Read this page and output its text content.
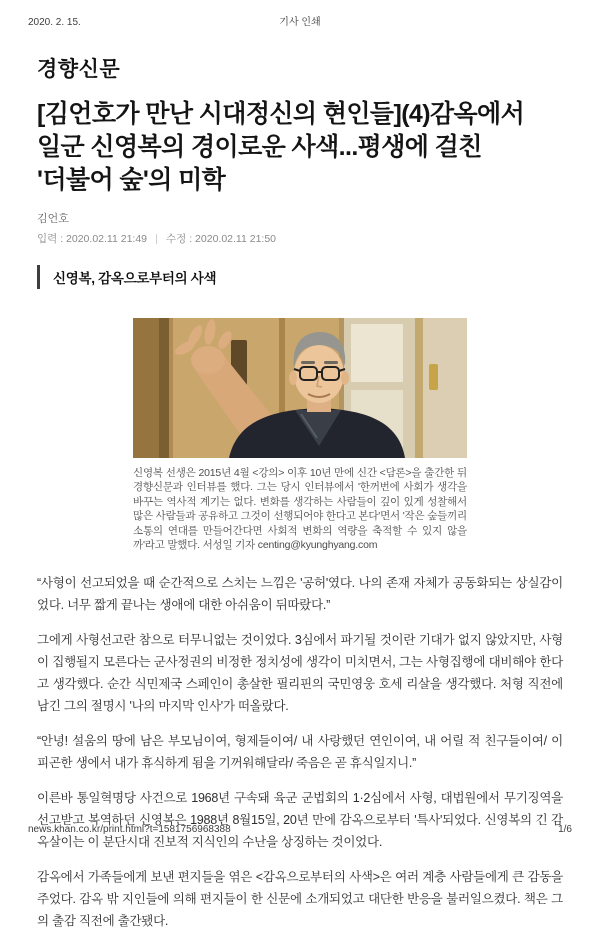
2020. 2. 15.	기사 인쇄
경향신문
[김언호가 만난 시대정신의 현인들](4)감옥에서 일군 신영복의 경이로운 사색...평생에 걸친 '더불어 숲'의 미학
김언호
입력 : 2020.02.11 21:49 수정 : 2020.02.11 21:50
신영복, 감옥으로부터의 사색
신영복 선생은 2015년 4월 <강의> 이후 10년 만에 신간 <담론>을 출간한 뒤 경향신문과 인터뷰를 했다. 그는 당시 인터뷰에서 '한꺼번에 사회가 생각을 바꾸는 역사적 계기는 없다. 변화를 생각하는 사람들이 깊이 있게 성찰해서 많은 사람들과 공유하고 그것이 선행되어야 한다고 본다'면서 '작은 숲들끼리 소통의 연대를 만들어간다면 사회적 변화의 역량을 축적할 수 있지 않을까'라고 말했다. 서성일 기자 centing@kyunghyang.com

“사형이 선고되었을 때 순간적으로 스치는 느낌은 '공허'였다. 나의 존재 자체가 공동화되는 상실감이었다. 너무 짧게 끝나는 생애에 대한 아쉬움이 뒤따랐다.”

그에게 사형선고란 참으로 터무니없는 것이었다. 3심에서 파기될 것이란 기대가 없지 않았지만, 사형이 집행될지 모른다는 군사정권의 비정한 정치성에 생각이 미치면서, 그는 사형집행에 대비해야 한다고 생각했다. 순간 식민제국 스페인이 총살한 필리핀의 국민영웅 호세 리살을 생각했다. 처형 직전에 남긴 그의 절명시 '나의 마지막 인사'가 떠올랐다.

“안녕! 설움의 땅에 남은 부모님이여, 형제들이여/ 내 사랑했던 연인이여, 내 어릴 적 친구들이여/ 이 피곤한 생에서 내가 휴식하게 됨을 기꺼워해달라/ 죽음은 곧 휴식일지니.”

이른바 통일혁명당 사건으로 1968년 구속돼 육군 군법회의 1·2심에서 사형, 대법원에서 무기징역을 선고받고 복역하던 신영복은 1988년 8월15일, 20년 만에 감옥으로부터 '특사'되었다. 신영복의 긴 감옥살이는 이 분단시대 진보적 지식인의 수난을 상징하는 것이었다.

감옥에서 가족들에게 보낸 편지들을 엮은 <감옥으로부터의 사색>은 여러 계층 사람들에게 큰 감동을 주었다. 감옥 밖 지인들에 의해 편지들이 한 신문에 소개되었고 대단한 반응을 불러일으켰다. 책은 그의 출감 직전에 출간됐다.

news.khan.co.kr/print.html?t=1581756968388	1/6
